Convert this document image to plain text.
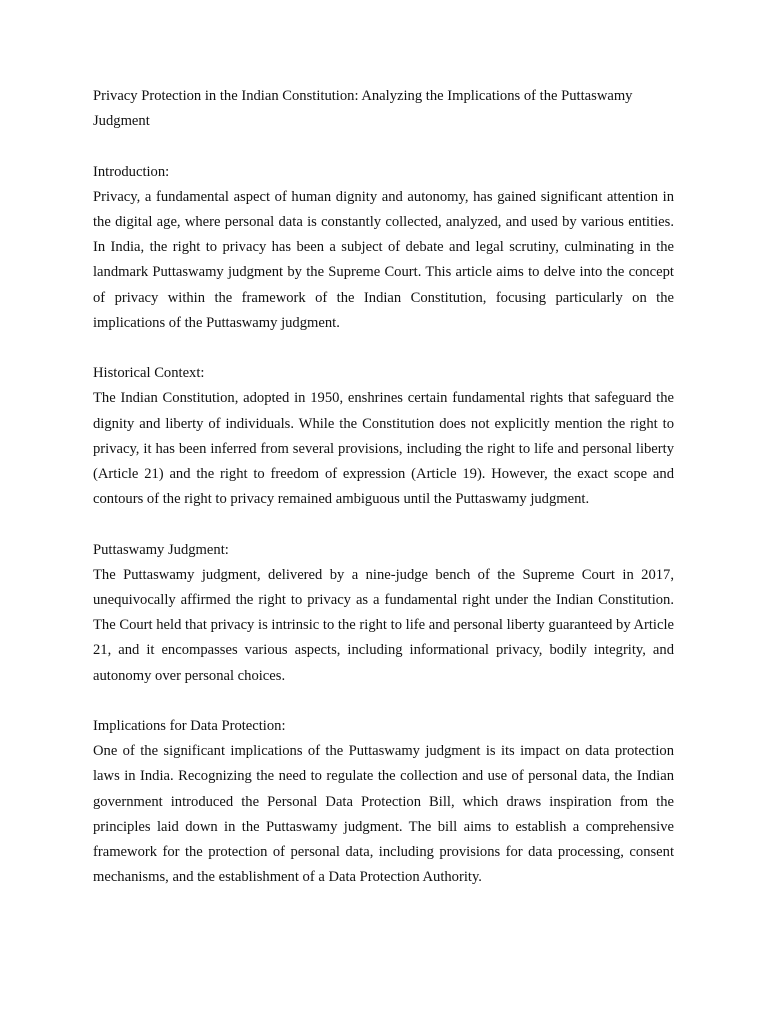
Privacy Protection in the Indian Constitution: Analyzing the Implications of the Puttaswamy Judgment

Introduction:

Privacy, a fundamental aspect of human dignity and autonomy, has gained significant attention in the digital age, where personal data is constantly collected, analyzed, and used by various entities. In India, the right to privacy has been a subject of debate and legal scrutiny, culminating in the landmark Puttaswamy judgment by the Supreme Court. This article aims to delve into the concept of privacy within the framework of the Indian Constitution, focusing particularly on the implications of the Puttaswamy judgment.

Historical Context:

The Indian Constitution, adopted in 1950, enshrines certain fundamental rights that safeguard the dignity and liberty of individuals. While the Constitution does not explicitly mention the right to privacy, it has been inferred from several provisions, including the right to life and personal liberty (Article 21) and the right to freedom of expression (Article 19). However, the exact scope and contours of the right to privacy remained ambiguous until the Puttaswamy judgment.

Puttaswamy Judgment:

The Puttaswamy judgment, delivered by a nine-judge bench of the Supreme Court in 2017, unequivocally affirmed the right to privacy as a fundamental right under the Indian Constitution. The Court held that privacy is intrinsic to the right to life and personal liberty guaranteed by Article 21, and it encompasses various aspects, including informational privacy, bodily integrity, and autonomy over personal choices.

Implications for Data Protection:

One of the significant implications of the Puttaswamy judgment is its impact on data protection laws in India. Recognizing the need to regulate the collection and use of personal data, the Indian government introduced the Personal Data Protection Bill, which draws inspiration from the principles laid down in the Puttaswamy judgment. The bill aims to establish a comprehensive framework for the protection of personal data, including provisions for data processing, consent mechanisms, and the establishment of a Data Protection Authority.
